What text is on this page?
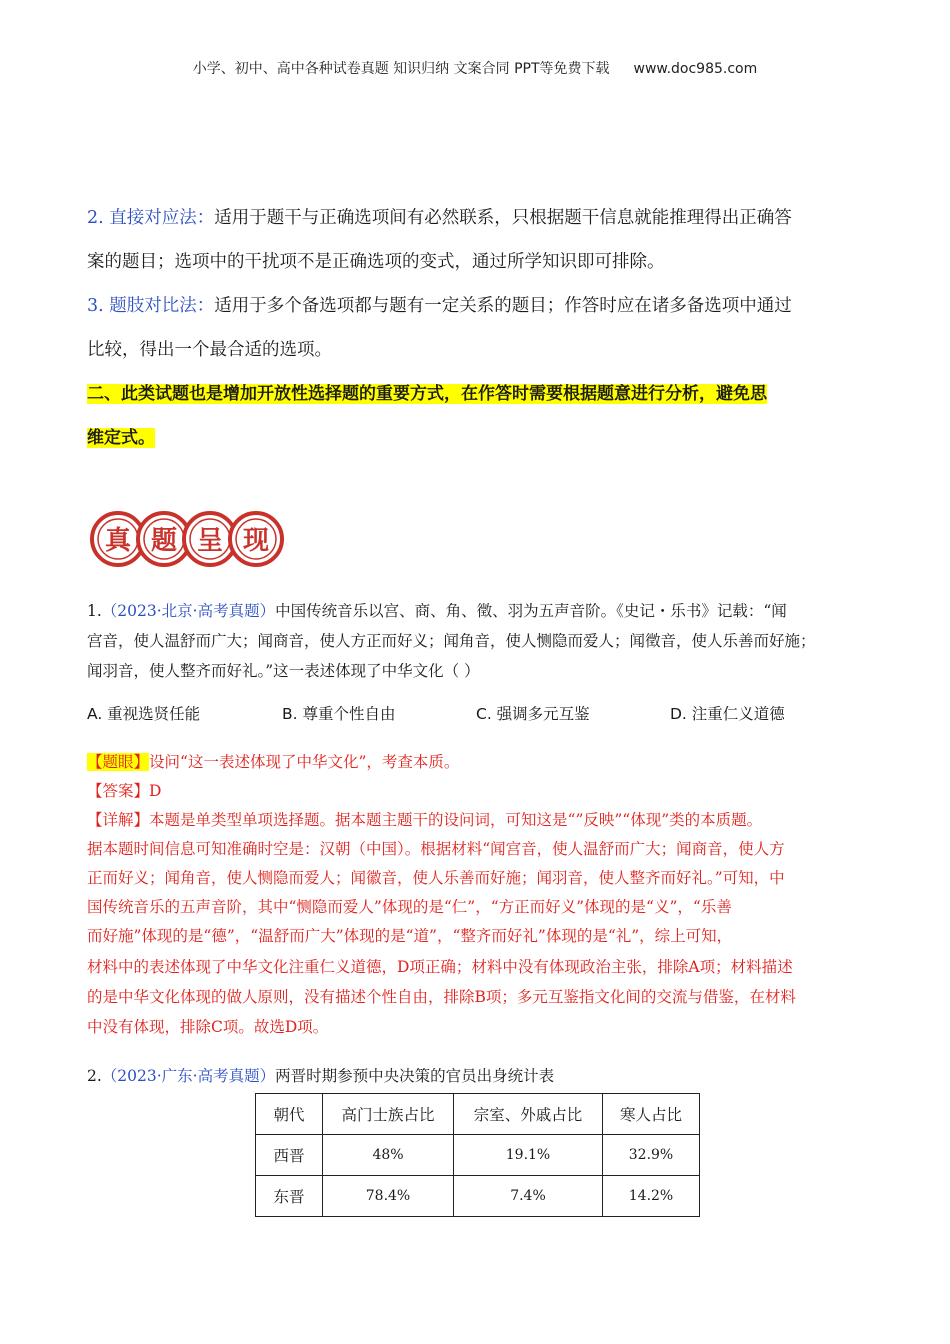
小学、初中、高中各种试卷真题 知识归纳 文案合同 PPT等免费下载 www.doc985.com
2. 直接对应法：适用于题干与正确选项间有必然联系，只根据题干信息就能推理得出正确答
案的题目；选项中的干扰项不是正确选项的变式，通过所学知识即可排除。
3. 题肢对比法：适用于多个备选项都与题有一定关系的题目；作答时应在诸多备选项中通过
比较，得出一个最合适的选项。
二、此类试题也是增加开放性选择题的重要方式，在作答时需要根据题意进行分析，避免思
维定式。
真 题 呈 现
1.（2023·北京·高考真题）中国传统音乐以宫、商、角、徵、羽为五声音阶。《史记・乐书》记载：“闻
宫音，使人温舒而广大；闻商音，使人方正而好义；闻角音，使人恻隐而爱人；闻徵音，使人乐善而好施；
闻羽音，使人整齐而好礼。”这一表述体现了中华文化（ ）
A. 重视选贤任能	B. 尊重个性自由	C. 强调多元互鉴	D. 注重仁义道德
【题眼】设问“这一表述体现了中华文化”，考查本质。
【答案】D
【详解】本题是单类型单项选择题。据本题主题干的设问词，可知这是“”反映”“体现”类的本质题。
据本题时间信息可知准确时空是：汉朝（中国）。根据材料“闻宫音，使人温舒而广大；闻商音，使人方
正而好义；闻角音，使人恻隐而爱人；闻徽音，使人乐善而好施；闻羽音，使人整齐而好礼。”可知，中
国传统音乐的五声音阶，其中“恻隐而爱人”体现的是“仁”，“方正而好义”体现的是“义”，“乐善
而好施”体现的是“德”，“温舒而广大”体现的是“道”，“整齐而好礼”体现的是“礼”，综上可知，
材料中的表述体现了中华文化注重仁义道德，D项正确；材料中没有体现政治主张，排除A项；材料描述
的是中华文化体现的做人原则，没有描述个性自由，排除B项；多元互鉴指文化间的交流与借鉴，在材料
中没有体现，排除C项。故选D项。
2.（2023·广东·高考真题）两晋时期参预中央决策的官员出身统计表
朝代	高门士族占比	宗室、外戚占比	寒人占比
西晋	48%	19.1%	32.9%
东晋	78.4%	7.4%	14.2%
